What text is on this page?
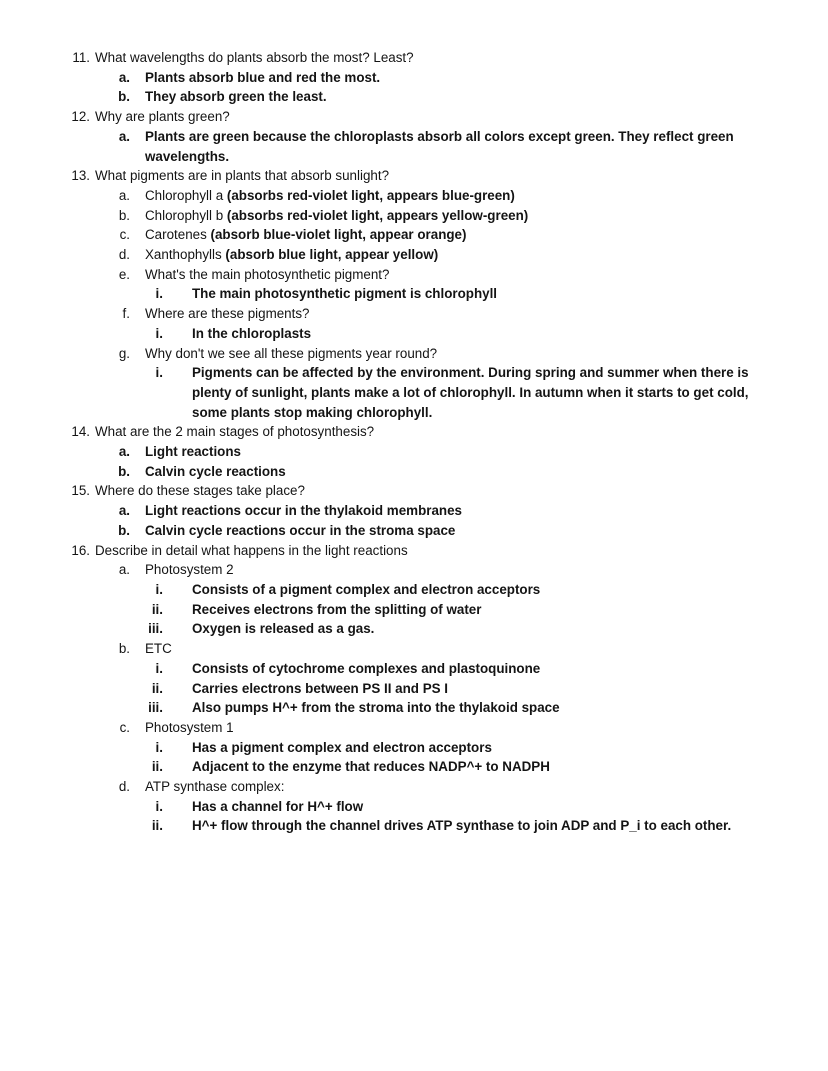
11. What wavelengths do plants absorb the most? Least?
a. Plants absorb blue and red the most.
b. They absorb green the least.
12. Why are plants green?
a. Plants are green because the chloroplasts absorb all colors except green. They reflect green wavelengths.
13. What pigments are in plants that absorb sunlight?
a. Chlorophyll a (absorbs red-violet light, appears blue-green)
b. Chlorophyll b (absorbs red-violet light, appears yellow-green)
c. Carotenes (absorb blue-violet light, appear orange)
d. Xanthophylls (absorb blue light, appear yellow)
e. What's the main photosynthetic pigment?
i. The main photosynthetic pigment is chlorophyll
f. Where are these pigments?
i. In the chloroplasts
g. Why don't we see all these pigments year round?
i. Pigments can be affected by the environment. During spring and summer when there is plenty of sunlight, plants make a lot of chlorophyll. In autumn when it starts to get cold, some plants stop making chlorophyll.
14. What are the 2 main stages of photosynthesis?
a. Light reactions
b. Calvin cycle reactions
15. Where do these stages take place?
a. Light reactions occur in the thylakoid membranes
b. Calvin cycle reactions occur in the stroma space
16. Describe in detail what happens in the light reactions
a. Photosystem 2
i. Consists of a pigment complex and electron acceptors
ii. Receives electrons from the splitting of water
iii. Oxygen is released as a gas.
b. ETC
i. Consists of cytochrome complexes and plastoquinone
ii. Carries electrons between PS II and PS I
iii. Also pumps H^+ from the stroma into the thylakoid space
c. Photosystem 1
i. Has a pigment complex and electron acceptors
ii. Adjacent to the enzyme that reduces NADP^+ to NADPH
d. ATP synthase complex:
i. Has a channel for H^+ flow
ii. H^+ flow through the channel drives ATP synthase to join ADP and P_i to each other.
